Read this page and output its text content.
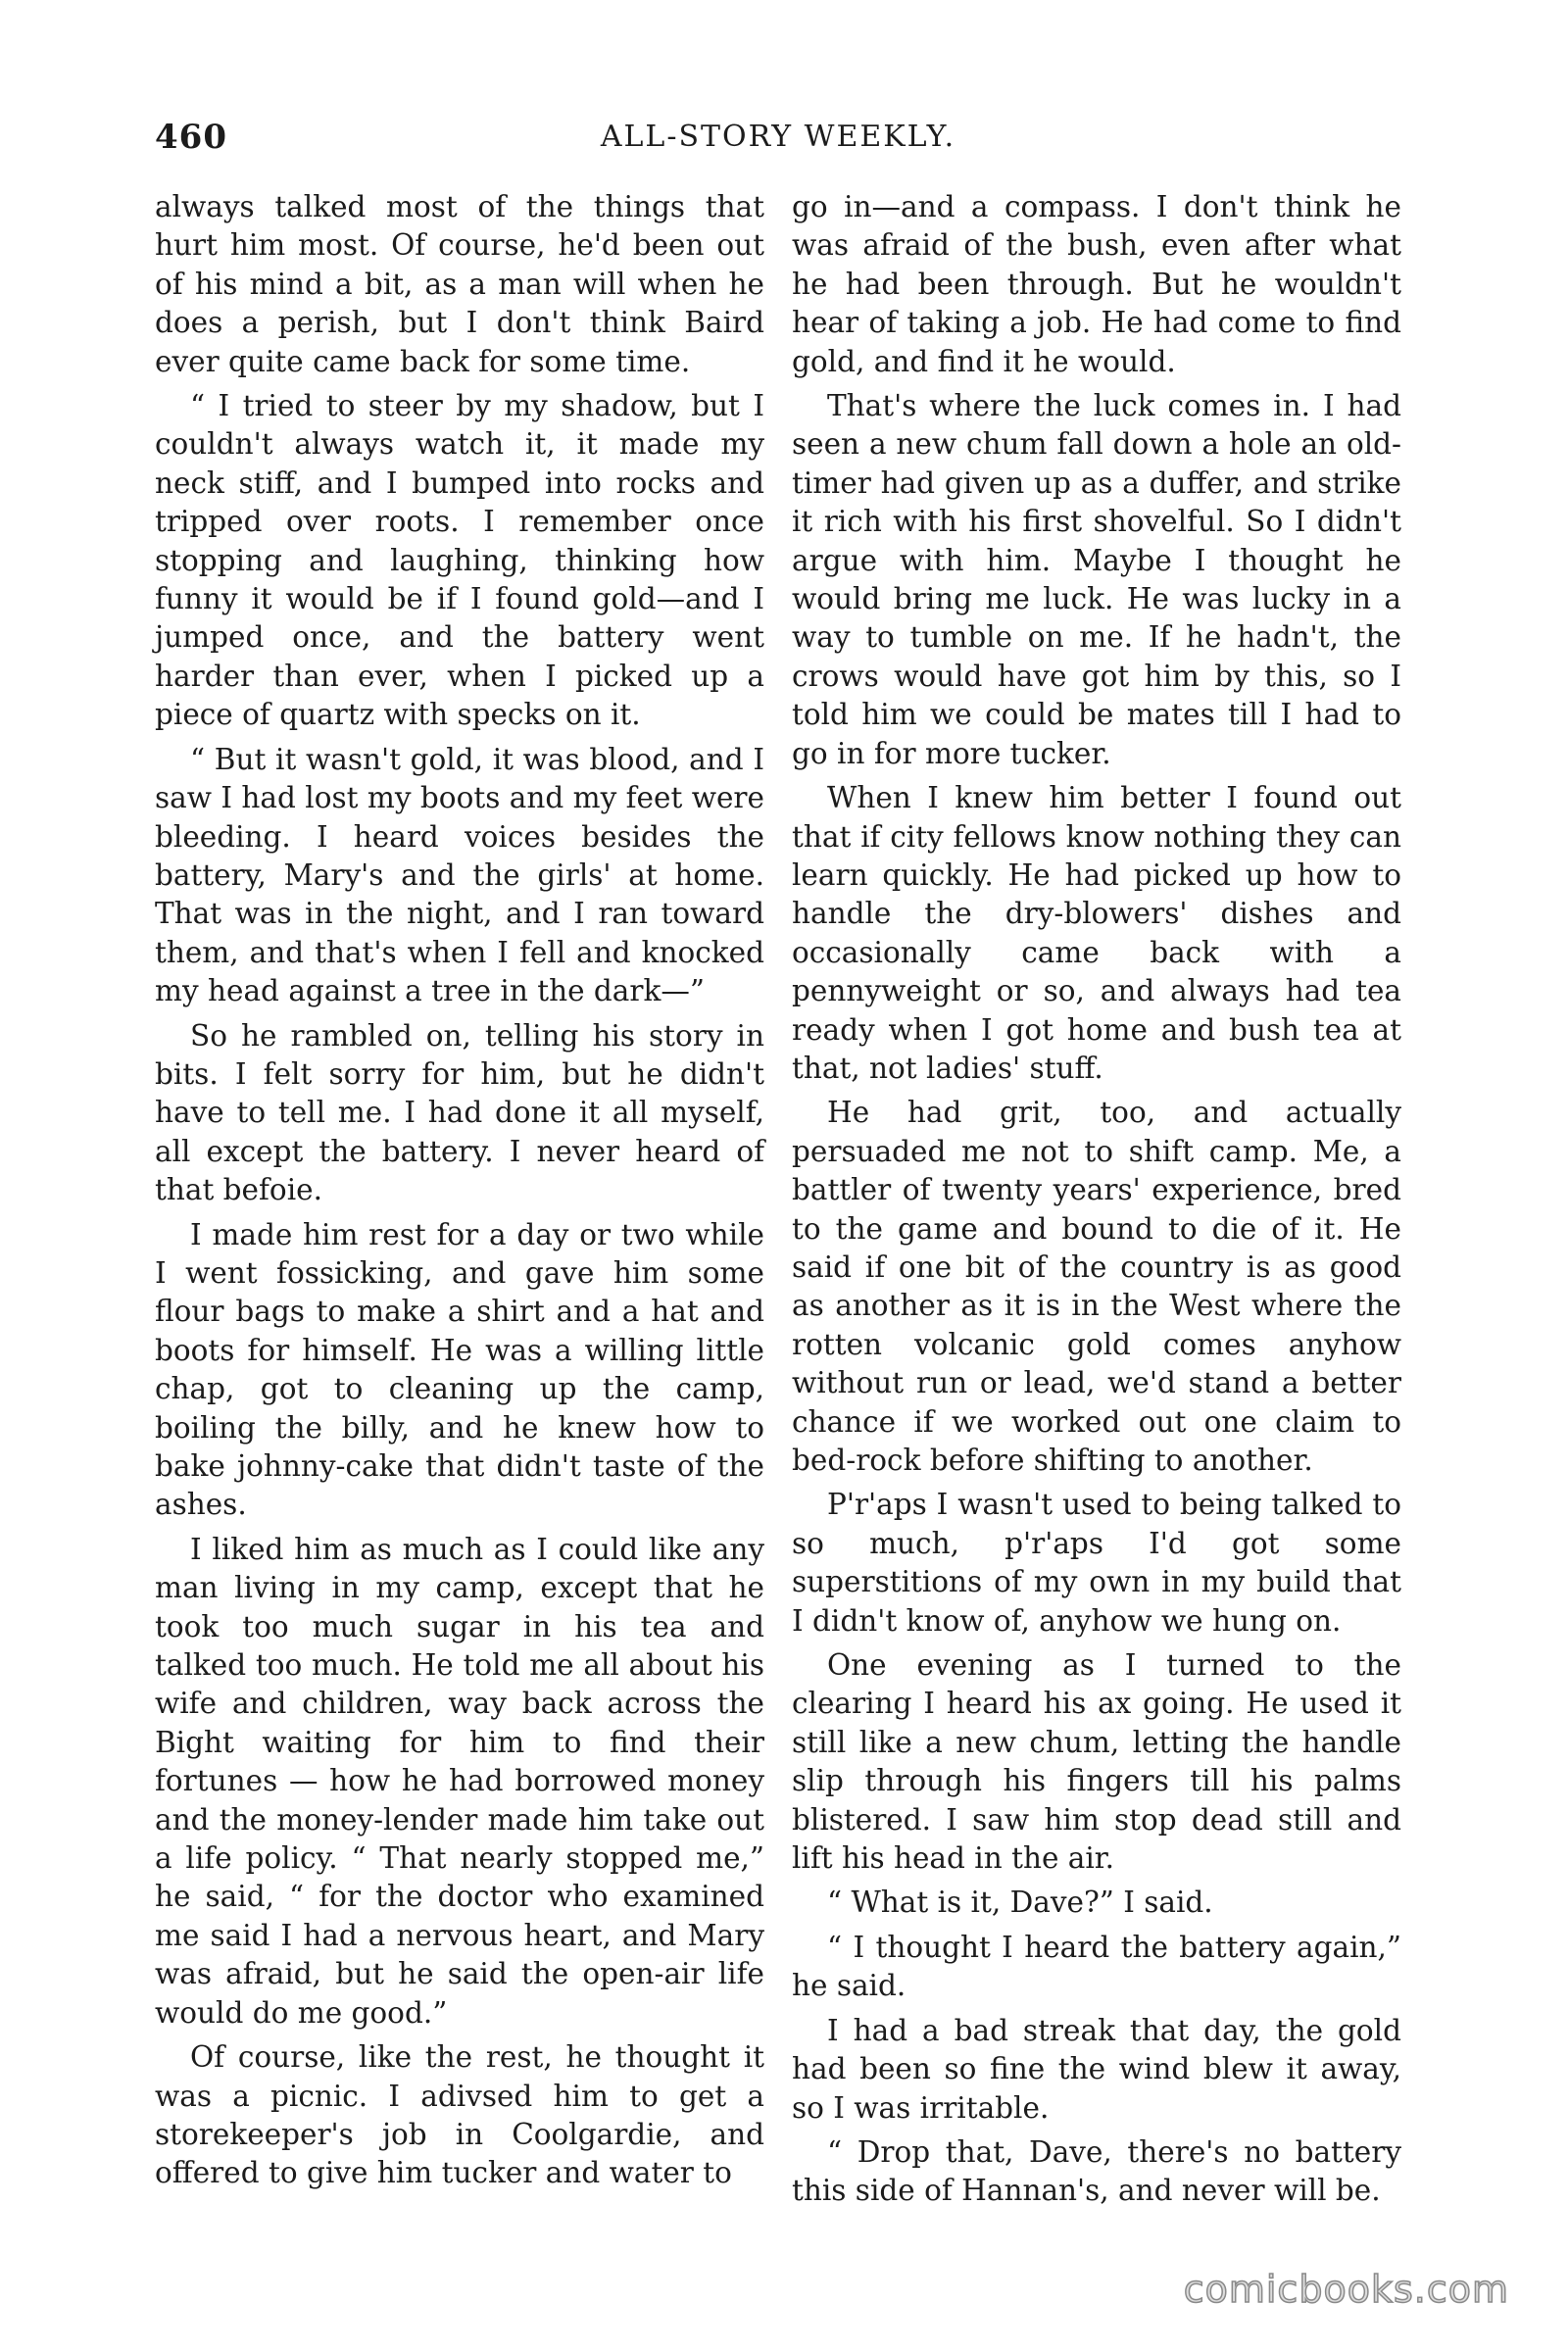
460	ALL-STORY WEEKLY.

always talked most of the things that hurt him most. Of course, he'd been out of his mind a bit, as a man will when he does a perish, but I don't think Baird ever quite came back for some time.

“ I tried to steer by my shadow, but I couldn't always watch it, it made my neck stiff, and I bumped into rocks and tripped over roots. I remember once stopping and laughing, thinking how funny it would be if I found gold—and I jumped once, and the battery went harder than ever, when I picked up a piece of quartz with specks on it.

“ But it wasn't gold, it was blood, and I saw I had lost my boots and my feet were bleeding. I heard voices besides the battery, Mary's and the girls' at home. That was in the night, and I ran toward them, and that's when I fell and knocked my head against a tree in the dark—”

So he rambled on, telling his story in bits. I felt sorry for him, but he didn't have to tell me. I had done it all myself, all except the battery. I never heard of that befoie.

I made him rest for a day or two while I went fossicking, and gave him some flour bags to make a shirt and a hat and boots for himself. He was a willing little chap, got to cleaning up the camp, boiling the billy, and he knew how to bake johnny-cake that didn't taste of the ashes.

I liked him as much as I could like any man living in my camp, except that he took too much sugar in his tea and talked too much. He told me all about his wife and children, way back across the Bight waiting for him to find their fortunes — how he had borrowed money and the money-lender made him take out a life policy. “ That nearly stopped me,” he said, “ for the doctor who examined me said I had a nervous heart, and Mary was afraid, but he said the open-air life would do me good.”

Of course, like the rest, he thought it was a picnic. I adivsed him to get a storekeeper's job in Coolgardie, and offered to give him tucker and water to

go in—and a compass. I don't think he was afraid of the bush, even after what he had been through. But he wouldn't hear of taking a job. He had come to find gold, and find it he would.

That's where the luck comes in. I had seen a new chum fall down a hole an old-timer had given up as a duffer, and strike it rich with his first shovelful. So I didn't argue with him. Maybe I thought he would bring me luck. He was lucky in a way to tumble on me. If he hadn't, the crows would have got him by this, so I told him we could be mates till I had to go in for more tucker.

When I knew him better I found out that if city fellows know nothing they can learn quickly. He had picked up how to handle the dry-blowers' dishes and occasionally came back with a pennyweight or so, and always had tea ready when I got home and bush tea at that, not ladies' stuff.

He had grit, too, and actually persuaded me not to shift camp. Me, a battler of twenty years' experience, bred to the game and bound to die of it. He said if one bit of the country is as good as another as it is in the West where the rotten volcanic gold comes anyhow without run or lead, we'd stand a better chance if we worked out one claim to bed-rock before shifting to another.

P'r'aps I wasn't used to being talked to so much, p'r'aps I'd got some superstitions of my own in my build that I didn't know of, anyhow we hung on.

One evening as I turned to the clearing I heard his ax going. He used it still like a new chum, letting the handle slip through his fingers till his palms blistered. I saw him stop dead still and lift his head in the air.

“ What is it, Dave?” I said.

“ I thought I heard the battery again,” he said.

I had a bad streak that day, the gold had been so fine the wind blew it away, so I was irritable.

“ Drop that, Dave, there's no battery this side of Hannan's, and never will be.

comicbooks.com
